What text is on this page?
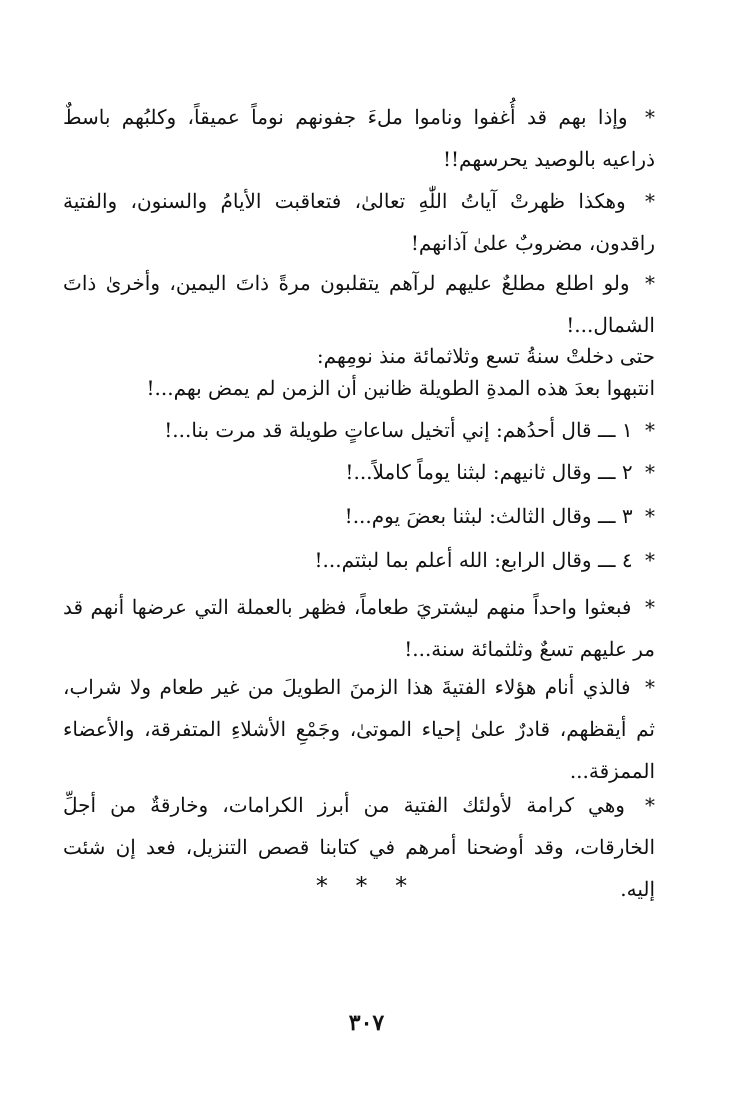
* وإذا بهم قد أُغفوا وناموا ملءَ جفونهم نوماً عميقاً، وكلبُهم باسطٌ ذراعيه بالوصيد يحرسهم!!

* وهكذا ظهرتْ آياتُ اللّٰهِ تعالىٰ، فتعاقبت الأيامُ والسنون، والفتية راقدون، مضروبٌ علىٰ آذانهم!

* ولو اطلع مطلعٌ عليهم لرآهم يتقلبون مرةً ذاتَ اليمين، وأخرىٰ ذاتَ الشمال...!

حتى دخلتْ سنةُ تسع وثلاثمائة منذ نومِهم:

انتبهوا بعدَ هذه المدةِ الطويلة ظانين أن الزمن لم يمض بهم...!

* ١ ـــ قال أحدُهم: إني أتخيل ساعاتٍ طويلة قد مرت بنا...!

* ٢ ـــ وقال ثانيهم: لبثنا يوماً كاملاً...!

* ٣ ـــ وقال الثالث: لبثنا بعضَ يوم...!

* ٤ ـــ وقال الرابع: الله أعلم بما لبثتم...!

* فبعثوا واحداً منهم ليشتريَ طعاماً، فظهر بالعملة التي عرضها أنهم قد مر عليهم تسعٌ وثلثمائة سنة...!

* فالذي أنام هؤلاء الفتيةَ هذا الزمنَ الطويلَ من غير طعام ولا شراب، ثم أيقظهم، قادرٌ علىٰ إحياء الموتىٰ، وجَمْعِ الأشلاءِ المتفرقة، والأعضاء الممزقة...

* وهي كرامة لأولئك الفتية من أبرز الكرامات، وخارقةٌ من أجلِّ الخارقات، وقد أوضحنا أمرهم في كتابنا قصص التنزيل، فعد إن شئت إليه.

* * *
٣٠٧
